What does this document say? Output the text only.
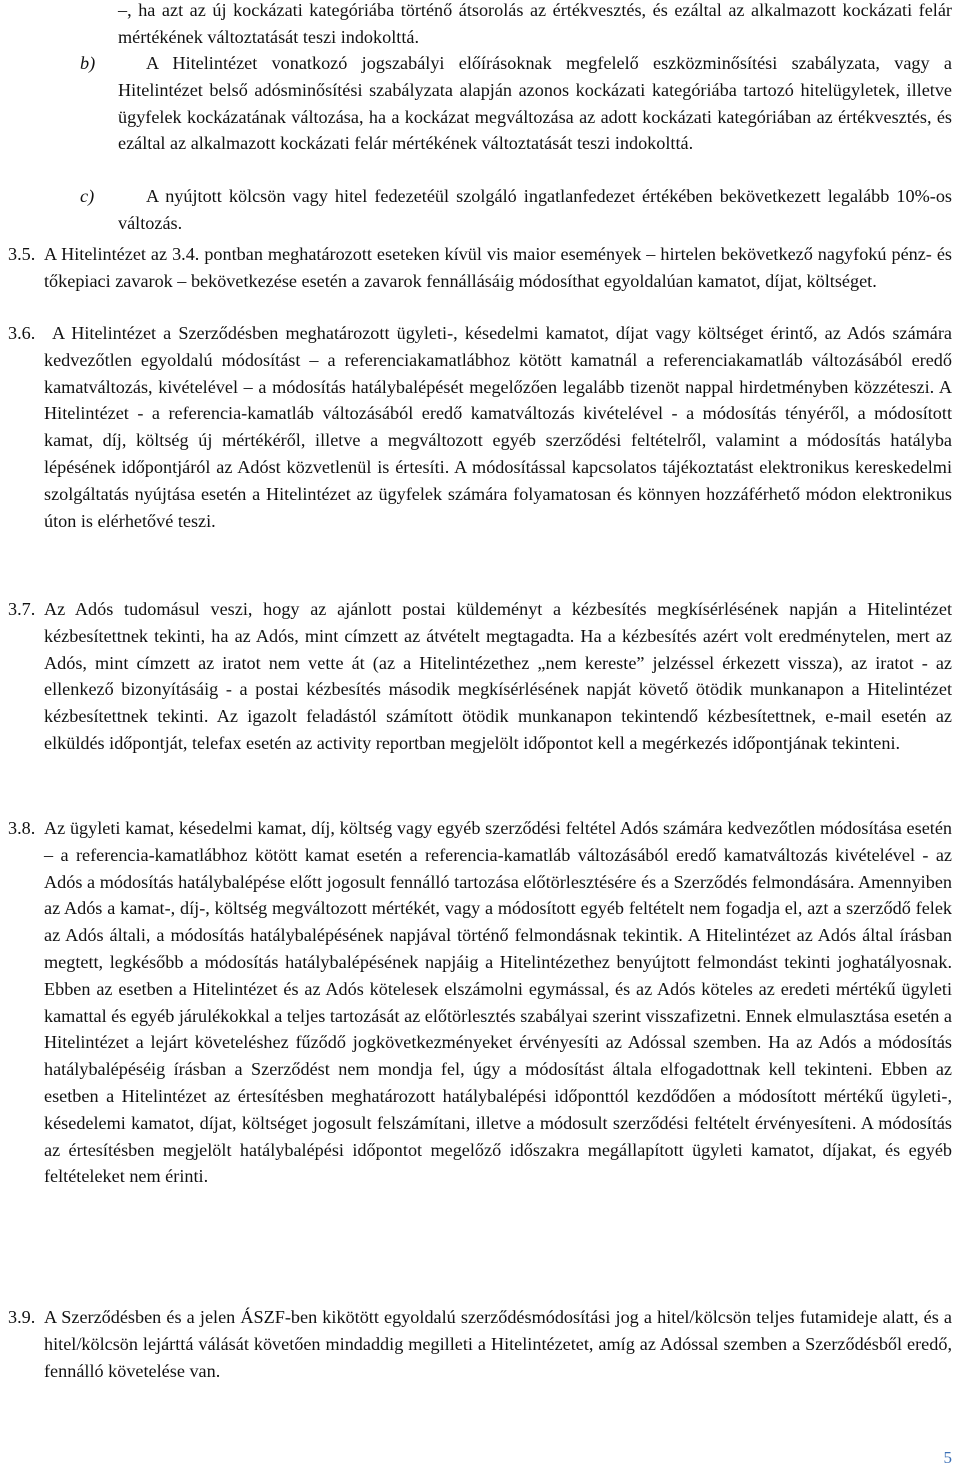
–, ha azt az új kockázati kategóriába történő átsorolás az értékvesztés, és ezáltal az alkalmazott kockázati felár mértékének változtatását teszi indokolttá.

b)	A Hitelintézet vonatkozó jogszabályi előírásoknak megfelelő eszközminősítési szabályzata, vagy a Hitelintézet belső adósminősítési szabályzata alapján azonos kockázati kategóriába tartozó hitelügyletek, illetve ügyfelek kockázatának változása, ha a kockázat megváltozása az adott kockázati kategóriában az értékvesztés, és ezáltal az alkalmazott kockázati felár mértékének változtatását teszi indokolttá.

c)	A nyújtott kölcsön vagy hitel fedezetéül szolgáló ingatlanfedezet értékében bekövetkezett legalább 10%-os változás.

3.5. A Hitelintézet az 3.4. pontban meghatározott eseteken kívül vis maior események – hirtelen bekövetkező nagyfokú pénz- és tőkepiaci zavarok – bekövetkezése esetén a zavarok fennállásáig módosíthat egyoldalúan kamatot, díjat, költséget.

3.6. A Hitelintézet a Szerződésben meghatározott ügyleti-, késedelmi kamatot, díjat vagy költséget érintő, az Adós számára kedvezőtlen egyoldalú módosítást – a referenciakamatlábhoz kötött kamatnál a referenciakamatláb változásából eredő kamatváltozás, kivételével – a módosítás hatálybalépését megelőzően legalább tizenöt nappal hirdetményben közzéteszi. A Hitelintézet - a referencia-kamatláb változásából eredő kamatváltozás kivételével - a módosítás tényéről, a módosított kamat, díj, költség új mértékéről, illetve a megváltozott egyéb szerződési feltételről, valamint a módosítás hatályba lépésének időpontjáról az Adóst közvetlenül is értesíti. A módosítással kapcsolatos tájékoztatást elektronikus kereskedelmi szolgáltatás nyújtása esetén a Hitelintézet az ügyfelek számára folyamatosan és könnyen hozzáférhető módon elektronikus úton is elérhetővé teszi.

3.7. Az Adós tudomásul veszi, hogy az ajánlott postai küldeményt a kézbesítés megkísérlésének napján a Hitelintézet kézbesítettnek tekinti, ha az Adós, mint címzett az átvételt megtagadta. Ha a kézbesítés azért volt eredménytelen, mert az Adós, mint címzett az iratot nem vette át (az a Hitelintézethez „nem kereste” jelzéssel érkezett vissza), az iratot - az ellenkező bizonyításáig - a postai kézbesítés második megkísérlésének napját követő ötödik munkanapon a Hitelintézet kézbesítettnek tekinti. Az igazolt feladástól számított ötödik munkanapon tekintendő kézbesítettnek, e-mail esetén az elküldés időpontját, telefax esetén az activity reportban megjelölt időpontot kell a megérkezés időpontjának tekinteni.

3.8. Az ügyleti kamat, késedelmi kamat, díj, költség vagy egyéb szerződési feltétel Adós számára kedvezőtlen módosítása esetén – a referencia-kamatlábhoz kötött kamat esetén a referencia-kamatláb változásából eredő kamatváltozás kivételével - az Adós a módosítás hatálybalépése előtt jogosult fennálló tartozása előtörlesztésére és a Szerződés felmondására. Amennyiben az Adós a kamat-, díj-, költség megváltozott mértékét, vagy a módosított egyéb feltételt nem fogadja el, azt a szerződő felek az Adós általi, a módosítás hatálybalépésének napjával történő felmondásnak tekintik. A Hitelintézet az Adós által írásban megtett, legkésőbb a módosítás hatálybalépésének napjáig a Hitelintézethez benyújtott felmondást tekinti joghatályosnak. Ebben az esetben a Hitelintézet és az Adós kötelesek elszámolni egymással, és az Adós köteles az eredeti mértékű ügyleti kamattal és egyéb járulékokkal a teljes tartozását az előtörlesztés szabályai szerint visszafizetni. Ennek elmulasztása esetén a Hitelintézet a lejárt követeléshez fűződő jogkövetkezményeket érvényesíti az Adóssal szemben. Ha az Adós a módosítás hatálybalépéséig írásban a Szerződést nem mondja fel, úgy a módosítást általa elfogadottnak kell tekinteni. Ebben az esetben a Hitelintézet az értesítésben meghatározott hatálybalépési időponttól kezdődően a módosított mértékű ügyleti-, késedelemi kamatot, díjat, költséget jogosult felszámítani, illetve a módosult szerződési feltételt érvényesíteni. A módosítás az értesítésben megjelölt hatálybalépési időpontot megelőző időszakra megállapított ügyleti kamatot, díjakat, és egyéb feltételeket nem érinti.

3.9. A Szerződésben és a jelen ÁSZF-ben kikötött egyoldalú szerződésmódosítási jog a hitel/kölcsön teljes futamideje alatt, és a hitel/kölcsön lejárttá válását követően mindaddig megilleti a Hitelintézetet, amíg az Adóssal szemben a Szerződésből eredő, fennálló követelése van.

5
